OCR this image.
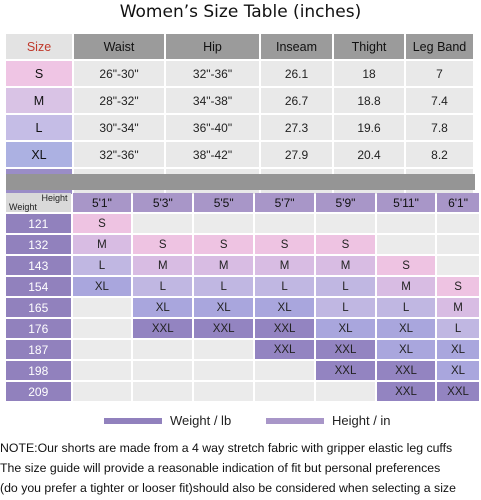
Women’s Size Table (inches)
Size	Waist	Hip	Inseam	Thight	Leg Band
S	26"-30"	32"-36"	26.1	18	7
M	28"-32"	34"-38"	26.7	18.8	7.4
L	30"-34"	36"-40"	27.3	19.6	7.8
XL	32"-36"	38"-42"	27.9	20.4	8.2

Height
Weight	5'1"	5'3"	5'5"	5'7"	5'9"	5'11"	6'1"
121	S						
132	M	S	S	S	S		
143	L	M	M	M	M	S	
154	XL	L	L	L	L	M	S
165		XL	XL	XL	L	L	M
176		XXL	XXL	XXL	XL	XL	L
187				XXL	XXL	XL	XL
198					XXL	XXL	XL
209						XXL	XXL
Weight / lb	Height / in
NOTE:Our shorts are made from a 4 way stretch fabric with gripper elastic leg cuffs
The size guide will provide a reasonable indication of fit but personal preferences
(do you prefer a tighter or looser fit)should also be considered when selecting a size
